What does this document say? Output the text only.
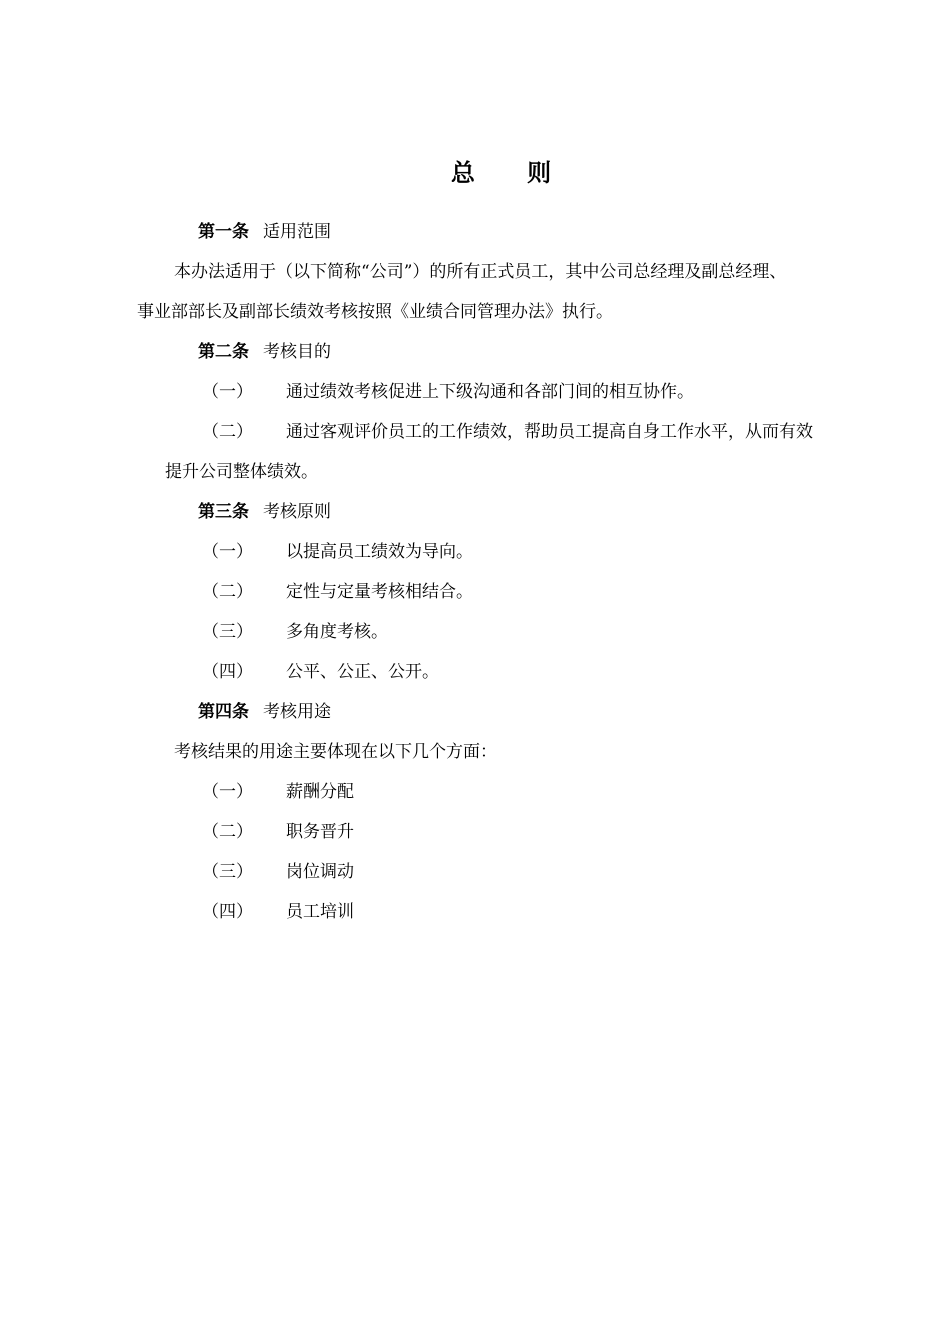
总 则
第一条 适用范围
本办法适用于（以下简称“公司”）的所有正式员工，其中公司总经理及副总经理、
事业部部长及副部长绩效考核按照《业绩合同管理办法》执行。
第二条 考核目的
（一） 通过绩效考核促进上下级沟通和各部门间的相互协作。
（二） 通过客观评价员工的工作绩效，帮助员工提高自身工作水平，从而有效
提升公司整体绩效。
第三条 考核原则
（一） 以提高员工绩效为导向。
（二） 定性与定量考核相结合。
（三） 多角度考核。
（四） 公平、公正、公开。
第四条 考核用途
考核结果的用途主要体现在以下几个方面：
（一） 薪酬分配
（二） 职务晋升
（三） 岗位调动
（四） 员工培训
